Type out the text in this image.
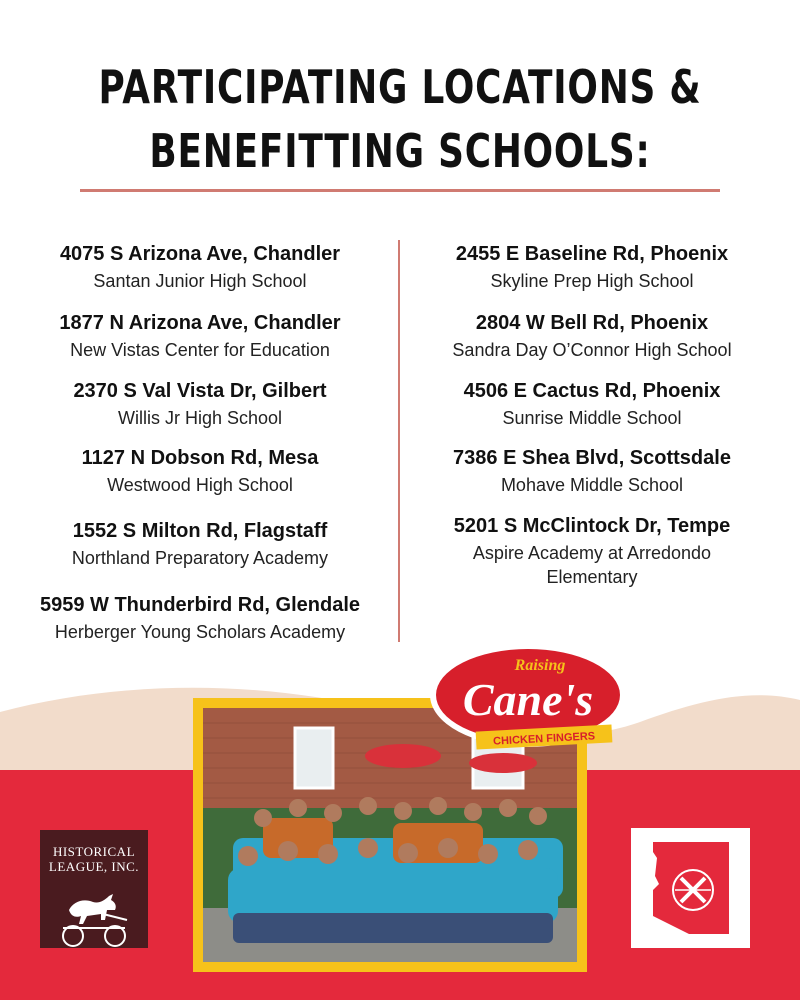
PARTICIPATING LOCATIONS &
BENEFITTING SCHOOLS:
4075 S Arizona Ave, Chandler
Santan Junior High School
1877 N Arizona Ave, Chandler
New Vistas Center for Education
2370 S Val Vista Dr, Gilbert
Willis Jr High School
1127 N Dobson Rd, Mesa
Westwood High School
1552 S Milton Rd, Flagstaff
Northland Preparatory Academy
5959 W Thunderbird Rd, Glendale
Herberger Young Scholars Academy
2455 E Baseline Rd, Phoenix
Skyline Prep High School
2804 W Bell Rd, Phoenix
Sandra Day O’Connor High School
4506 E Cactus Rd, Phoenix
Sunrise Middle School
7386 E Shea Blvd, Scottsdale
Mohave Middle School
5201 S McClintock Dr, Tempe
Aspire Academy at Arredondo
Elementary
Raising
Cane's
CHICKEN FINGERS
HISTORICAL
LEAGUE, INC.
